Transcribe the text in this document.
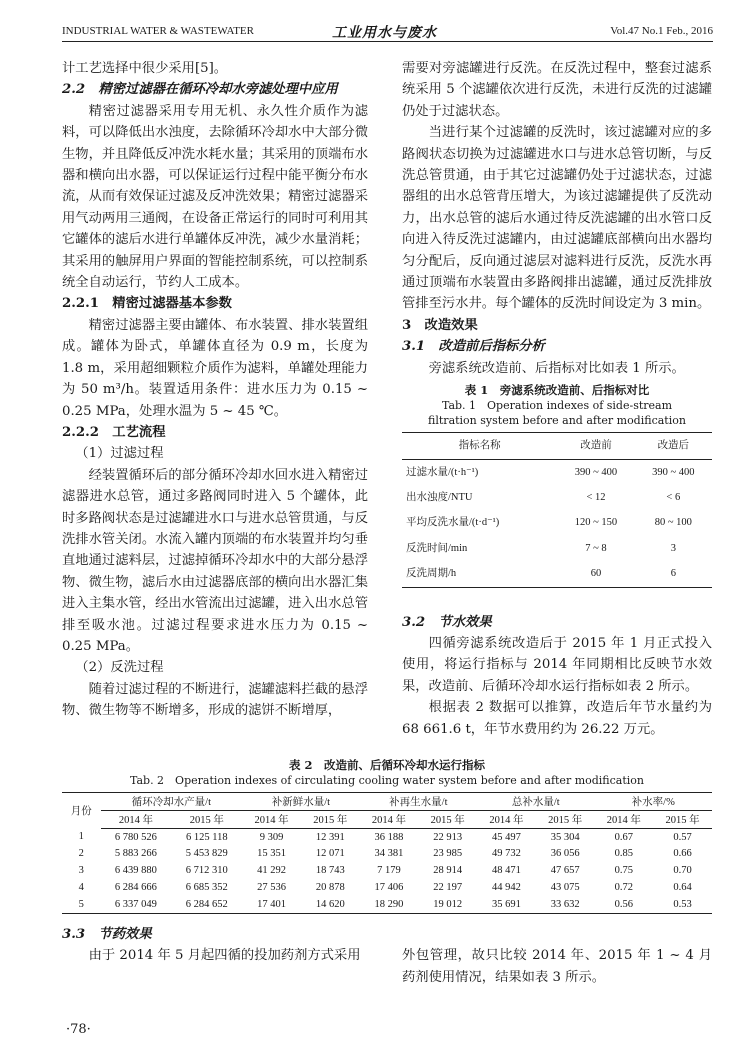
INDUSTRIAL WATER & WASTEWATER	工业用水与废水	Vol.47 No.1 Feb., 2016
计工艺选择中很少采用[5]。
2.2　精密过滤器在循环冷却水旁滤处理中应用
精密过滤器采用专用无机、永久性介质作为滤料，可以降低出水浊度，去除循环冷却水中大部分微生物，并且降低反冲洗水耗水量；其采用的顶端布水器和横向出水器，可以保证运行过程中能平衡分布水流，从而有效保证过滤及反冲洗效果；精密过滤器采用气动两用三通阀，在设备正常运行的同时可利用其它罐体的滤后水进行单罐体反冲洗，减少水量消耗；其采用的触屏用户界面的智能控制系统，可以控制系统全自动运行，节约人工成本。
2.2.1　精密过滤器基本参数
精密过滤器主要由罐体、布水装置、排水装置组成。罐体为卧式，单罐体直径为 0.9 m，长度为 1.8 m，采用超细颗粒介质作为滤料，单罐处理能力为 50 m³/h。装置适用条件：进水压力为 0.15 ~ 0.25 MPa，处理水温为 5 ~ 45 ℃。
2.2.2　工艺流程
（1）过滤过程
经装置循环后的部分循环冷却水回水进入精密过滤器进水总管，通过多路阀同时进入 5 个罐体，此时多路阀状态是过滤罐进水口与进水总管贯通，与反洗排水管关闭。水流入罐内顶端的布水装置并均匀垂直地通过滤料层，过滤掉循环冷却水中的大部分悬浮物、微生物，滤后水由过滤器底部的横向出水器汇集进入主集水管，经出水管流出过滤罐，进入出水总管排至吸水池。过滤过程要求进水压力为 0.15 ~ 0.25 MPa。
（2）反洗过程
随着过滤过程的不断进行，滤罐滤料拦截的悬浮物、微生物等不断增多，形成的滤饼不断增厚，
需要对旁滤罐进行反洗。在反洗过程中，整套过滤系统采用 5 个滤罐依次进行反洗，未进行反洗的过滤罐仍处于过滤状态。
当进行某个过滤罐的反洗时，该过滤罐对应的多路阀状态切换为过滤罐进水口与进水总管切断，与反洗总管贯通，由于其它过滤罐仍处于过滤状态，过滤器组的出水总管背压增大，为该过滤罐提供了反洗动力，出水总管的滤后水通过待反洗滤罐的出水管口反向进入待反洗过滤罐内，由过滤罐底部横向出水器均匀分配后，反向通过滤层对滤料进行反洗，反洗水再通过顶端布水装置由多路阀排出滤罐，通过反洗排放管排至污水井。每个罐体的反洗时间设定为 3 min。
3　改造效果
3.1　改造前后指标分析
旁滤系统改造前、后指标对比如表 1 所示。
表 1　旁滤系统改造前、后指标对比
Tab. 1　Operation indexes of side-stream filtration system before and after modification
指标名称	改造前	改造后
过滤水量/(t·h⁻¹)	390 ~ 400	390 ~ 400
出水浊度/NTU	< 12	< 6
平均反洗水量/(t·d⁻¹)	120 ~ 150	80 ~ 100
反洗时间/min	7 ~ 8	3
反洗周期/h	60	6
3.2　节水效果
四循旁滤系统改造后于 2015 年 1 月正式投入使用，将运行指标与 2014 年同期相比反映节水效果，改造前、后循环冷却水运行指标如表 2 所示。
根据表 2 数据可以推算，改造后年节水量约为 68 661.6 t，年节水费用约为 26.22 万元。
表 2　改造前、后循环冷却水运行指标
Tab. 2　Operation indexes of circulating cooling water system before and after modification
月份	循环冷却水产量/t		补新鲜水量/t		补再生水量/t		总补水量/t		补水率/%	
	2014 年	2015 年	2014 年	2015 年	2014 年	2015 年	2014 年	2015 年	2014 年	2015 年
1	6 780 526	6 125 118	9 309	12 391	36 188	22 913	45 497	35 304	0.67	0.57
2	5 883 266	5 453 829	15 351	12 071	34 381	23 985	49 732	36 056	0.85	0.66
3	6 439 880	6 712 310	41 292	18 743	7 179	28 914	48 471	47 657	0.75	0.70
4	6 284 666	6 685 352	27 536	20 878	17 406	22 197	44 942	43 075	0.72	0.64
5	6 337 049	6 284 652	17 401	14 620	18 290	19 012	35 691	33 632	0.56	0.53
3.3　节药效果
由于 2014 年 5 月起四循的投加药剂方式采用	外包管理，故只比较 2014 年、2015 年 1 ~ 4 月药剂使用情况，结果如表 3 所示。
·78·
